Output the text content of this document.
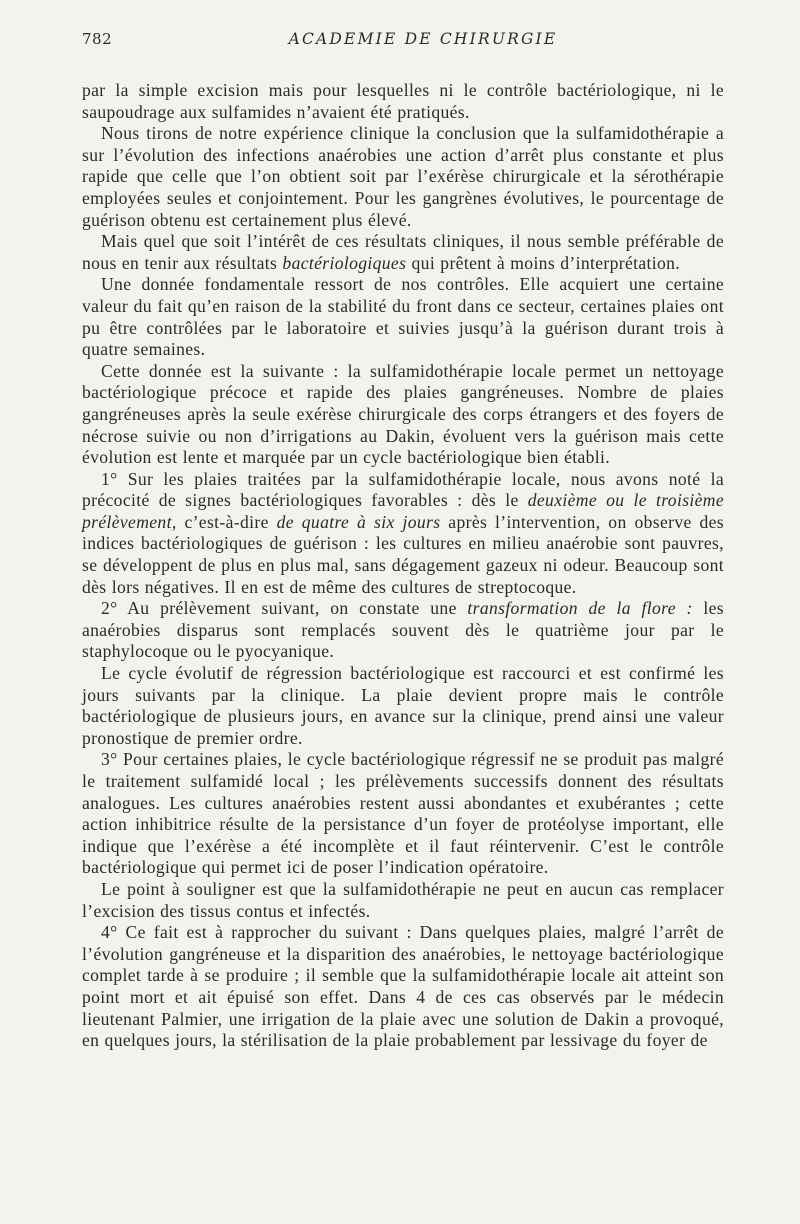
782	ACADEMIE DE CHIRURGIE

par la simple excision mais pour lesquelles ni le contrôle bactériologique, ni le saupoudrage aux sulfamides n’avaient été pratiqués.

Nous tirons de notre expérience clinique la conclusion que la sulfamidothérapie a sur l’évolution des infections anaérobies une action d’arrêt plus constante et plus rapide que celle que l’on obtient soit par l’exérèse chirurgicale et la sérothérapie employées seules et conjointement. Pour les gangrènes évolutives, le pourcentage de guérison obtenu est certainement plus élevé.

Mais quel que soit l’intérêt de ces résultats cliniques, il nous semble préférable de nous en tenir aux résultats bactériologiques qui prêtent à moins d’interprétation.

Une donnée fondamentale ressort de nos contrôles. Elle acquiert une certaine valeur du fait qu’en raison de la stabilité du front dans ce secteur, certaines plaies ont pu être contrôlées par le laboratoire et suivies jusqu’à la guérison durant trois à quatre semaines.

Cette donnée est la suivante : la sulfamidothérapie locale permet un nettoyage bactériologique précoce et rapide des plaies gangréneuses. Nombre de plaies gangréneuses après la seule exérèse chirurgicale des corps étrangers et des foyers de nécrose suivie ou non d’irrigations au Dakin, évoluent vers la guérison mais cette évolution est lente et marquée par un cycle bactériologique bien établi.

1° Sur les plaies traitées par la sulfamidothérapie locale, nous avons noté la précocité de signes bactériologiques favorables : dès le deuxième ou le troisième prélèvement, c’est-à-dire de quatre à six jours après l’intervention, on observe des indices bactériologiques de guérison : les cultures en milieu anaérobie sont pauvres, se développent de plus en plus mal, sans dégagement gazeux ni odeur. Beaucoup sont dès lors négatives. Il en est de même des cultures de streptocoque.

2° Au prélèvement suivant, on constate une transformation de la flore : les anaérobies disparus sont remplacés souvent dès le quatrième jour par le staphylocoque ou le pyocyanique.

Le cycle évolutif de régression bactériologique est raccourci et est confirmé les jours suivants par la clinique. La plaie devient propre mais le contrôle bactériologique de plusieurs jours, en avance sur la clinique, prend ainsi une valeur pronostique de premier ordre.

3° Pour certaines plaies, le cycle bactériologique régressif ne se produit pas malgré le traitement sulfamidé local ; les prélèvements successifs donnent des résultats analogues. Les cultures anaérobies restent aussi abondantes et exubérantes ; cette action inhibitrice résulte de la persistance d’un foyer de protéolyse important, elle indique que l’exérèse a été incomplète et il faut réintervenir. C’est le contrôle bactériologique qui permet ici de poser l’indication opératoire.

Le point à souligner est que la sulfamidothérapie ne peut en aucun cas remplacer l’excision des tissus contus et infectés.

4° Ce fait est à rapprocher du suivant : Dans quelques plaies, malgré l’arrêt de l’évolution gangréneuse et la disparition des anaérobies, le nettoyage bactériologique complet tarde à se produire ; il semble que la sulfamidothérapie locale ait atteint son point mort et ait épuisé son effet. Dans 4 de ces cas observés par le médecin lieutenant Palmier, une irrigation de la plaie avec une solution de Dakin a provoqué, en quelques jours, la stérilisation de la plaie probablement par lessivage du foyer de
